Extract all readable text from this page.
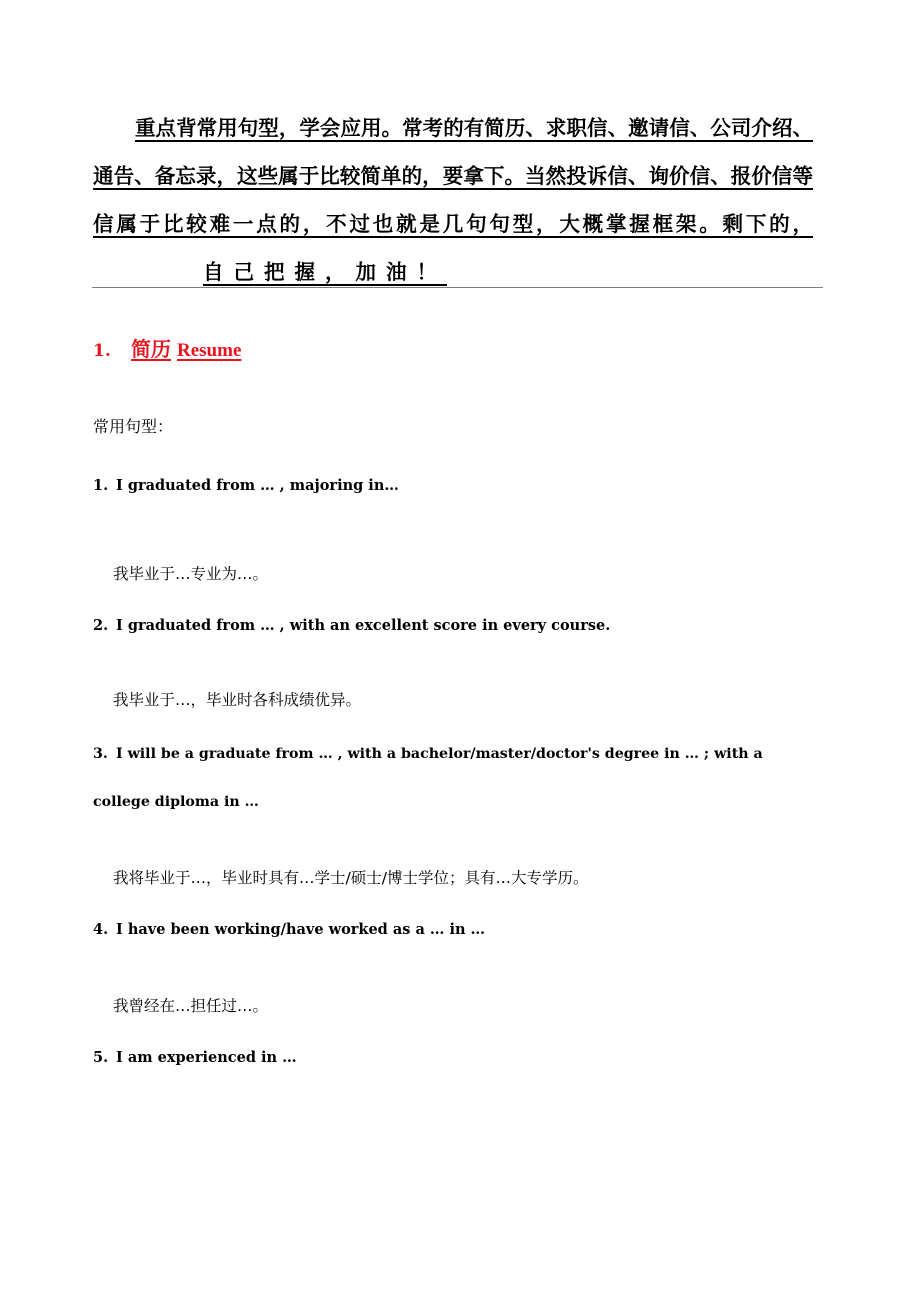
重点背常用句型，学会应用。常考的有简历、求职信、邀请信、公司介绍、通告、备忘录，这些属于比较简单的，要拿下。当然投诉信、询价信、报价信等信属于比较难一点的，不过也就是几句句型，大概掌握框架。剩下的，自己把握，加油！

1. 简历 Resume
常用句型：
1. I graduated from … , majoring in…
我毕业于…专业为…。
2. I graduated from … , with an excellent score in every course.
我毕业于…，毕业时各科成绩优异。

3. I will be a graduate from … , with a bachelor/master/doctor's degree in … ; with a college diploma in …

我将毕业于…，毕业时具有…学士/硕士/博士学位；具有…大专学历。
4. I have been working/have worked as a … in …
我曾经在…担任过…。
5. I am experienced in …
